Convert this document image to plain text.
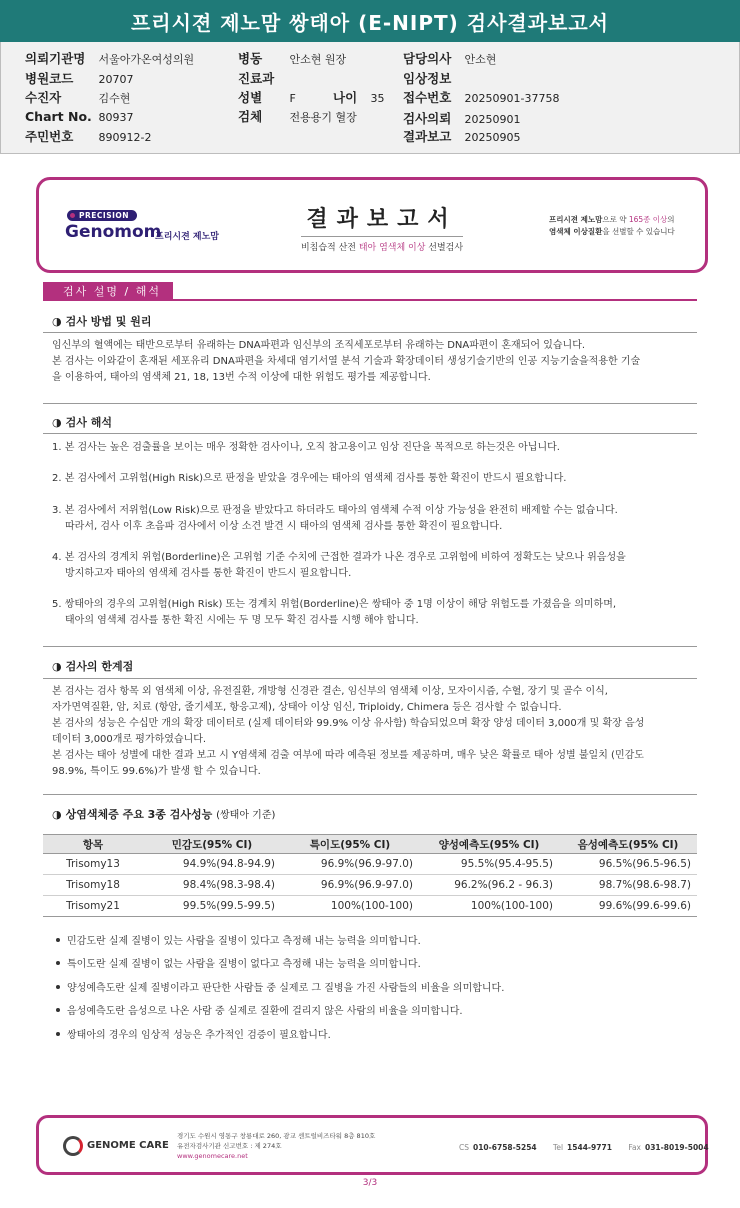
프리시젼 제노맘 쌍태아 (E-NIPT) 검사결과보고서
의뢰기관명 서울아가온여성의원
병원코드 20707
수진자	김수현
Chart No. 80937
주민번호 890912-2
병동 안소현 원장
진료과
성별 F	나이 35
검체 전용용기 혈장
담당의사 안소현
임상정보
접수번호 20250901-37758
검사의뢰 20250901
결과보고 20250905
PRECISION
Genomom
프리시젼 제노맘
결과보고서
비침습적 산전 태아 염색체 이상 선별검사
프리시젼 제노맘으로 약 165종 이상의
염색체 이상질환을 선별할 수 있습니다
검사 설명 / 해석
◑ 검사 방법 및 원리
임신부의 혈액에는 태반으로부터 유래하는 DNA파편과 임신부의 조직세포로부터 유래하는 DNA파편이 혼재되어 있습니다.
본 검사는 이와같이 혼재된 세포유리 DNA파편을 차세대 염기서열 분석 기술과 확장데이터 생성기술기반의 인공 지능기술을적용한 기술
을 이용하여, 태아의 염색체 21, 18, 13번 수적 이상에 대한 위험도 평가를 제공합니다.
◑ 검사 해석
1. 본 검사는 높은 검출률을 보이는 매우 정확한 검사이나, 오직 참고용이고 임상 진단을 목적으로 하는것은 아닙니다.
2. 본 검사에서 고위험(High Risk)으로 판정을 받았을 경우에는 태아의 염색체 검사를 통한 확진이 반드시 필요합니다.
3. 본 검사에서 저위험(Low Risk)으로 판정을 받았다고 하더라도 태아의 염색체 수적 이상 가능성을 완전히 배제할 수는 없습니다.
따라서, 검사 이후 초음파 검사에서 이상 소견 발견 시 태아의 염색체 검사를 통한 확진이 필요합니다.
4. 본 검사의 경계치 위험(Borderline)은 고위험 기준 수치에 근접한 결과가 나온 경우로 고위험에 비하여 정확도는 낮으나 위음성을
방지하고자 태아의 염색체 검사를 통한 확진이 반드시 필요합니다.
5. 쌍태아의 경우의 고위험(High Risk) 또는 경계치 위험(Borderline)은 쌍태아 중 1명 이상이 해당 위험도를 가졌음을 의미하며,
태아의 염색체 검사를 통한 확진 시에는 두 명 모두 확진 검사를 시행 해야 합니다.
◑ 검사의 한계점
본 검사는 검사 항목 외 염색체 이상, 유전질환, 개방형 신경관 결손, 임신부의 염색체 이상, 모자이시즘, 수혈, 장기 및 골수 이식,
자가면역질환, 암, 치료 (항암, 줄기세포, 항응고제), 상태아 이상 임신, Triploidy, Chimera 등은 검사할 수 없습니다.
본 검사의 성능은 수십만 개의 확장 데이터로 (실제 데이터와 99.9% 이상 유사함) 학습되었으며 확장 양성 데이터 3,000개 및 확장 음성
데이터 3,000개로 평가하였습니다.
본 검사는 태아 성별에 대한 결과 보고 시 Y염색체 검출 여부에 따라 예측된 정보를 제공하며, 매우 낮은 확률로 태아 성별 불일치 (민감도
98.9%, 특이도 99.6%)가 발생 할 수 있습니다.
◑ 상염색체증 주요 3종 검사성능 (쌍태아 기준)
항목	민감도(95% CI)	특이도(95% CI)	양성예측도(95% CI)	음성예측도(95% CI)
Trisomy13	94.9%(94.8-94.9)	96.9%(96.9-97.0)	95.5%(95.4-95.5)	96.5%(96.5-96.5)
Trisomy18	98.4%(98.3-98.4)	96.9%(96.9-97.0)	96.2%(96.2 - 96.3)	98.7%(98.6-98.7)
Trisomy21	99.5%(99.5-99.5)	100%(100-100)	100%(100-100)	99.6%(99.6-99.6)
민감도란 실제 질병이 있는 사람을 질병이 있다고 측정해 내는 능력을 의미합니다.
특이도란 실제 질병이 없는 사람을 질병이 없다고 측정해 내는 능력을 의미합니다.
양성예측도란 실제 질병이라고 판단한 사람들 중 실제로 그 질병을 가진 사람들의 비율을 의미합니다.
음성예측도란 음성으로 나온 사람 중 실제로 질환에 걸리지 않은 사람의 비율을 의미합니다.
쌍태아의 경우의 임상적 성능은 추가적인 검증이 필요합니다.
GENOME CARE
경기도 수원시 영통구 창룡대로 260, 광교 센트럴비즈타워 8층 810호
유전자검사기관 신고번호 : 제 274호
www.genomecare.net
CS 010-6758-5254 Tel 1544-9771 Fax 031-8019-5004
3/3
